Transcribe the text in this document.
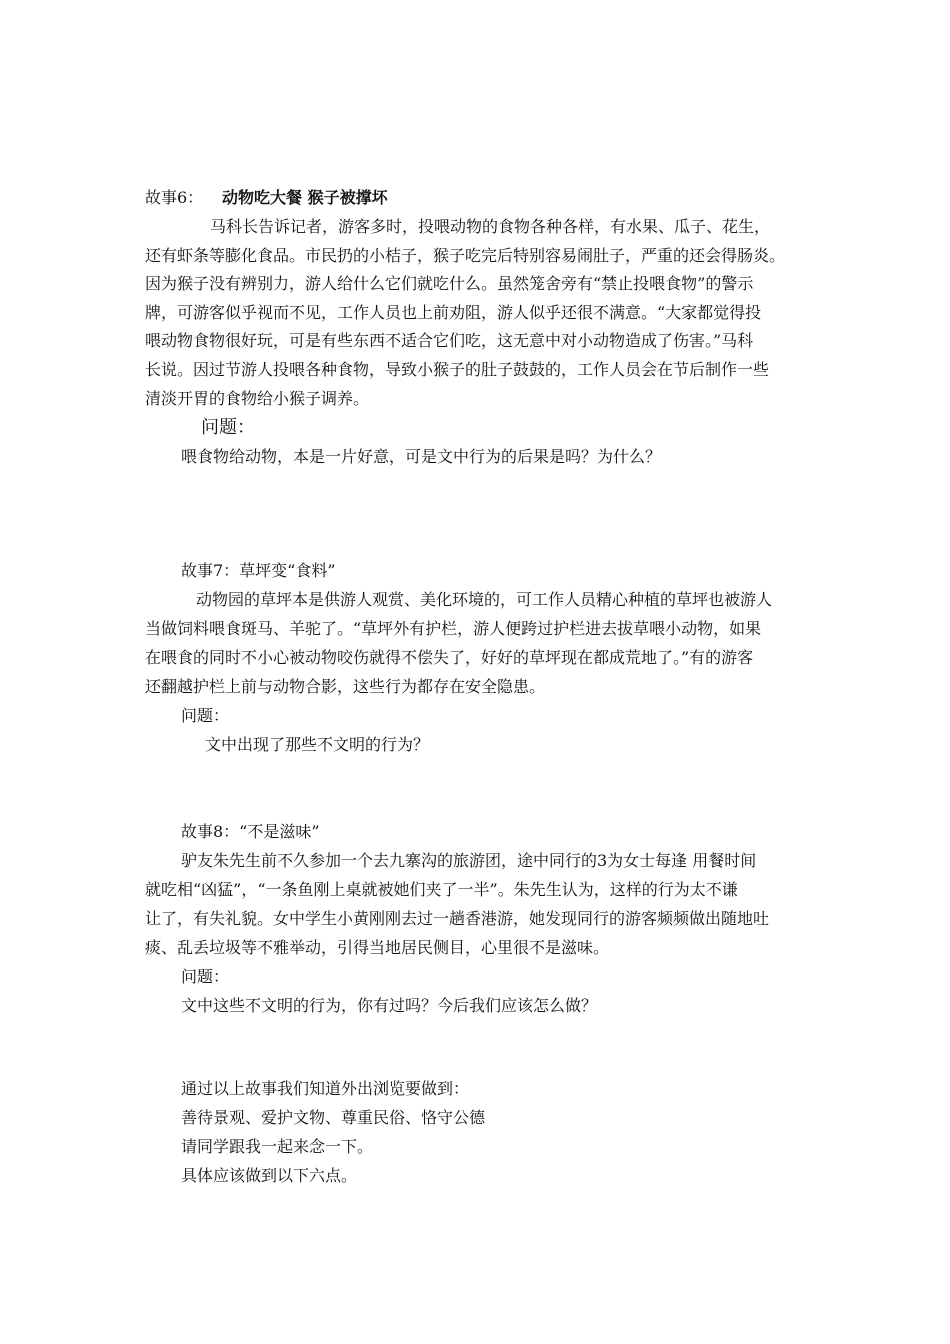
故事6： 动物吃大餐 猴子被撑坏
马科长告诉记者，游客多时，投喂动物的食物各种各样，有水果、瓜子、花生，
还有虾条等膨化食品。市民扔的小桔子，猴子吃完后特别容易闹肚子，严重的还会得肠炎。
因为猴子没有辨别力，游人给什么它们就吃什么。虽然笼舍旁有“禁止投喂食物”的警示
牌，可游客似乎视而不见，工作人员也上前劝阻，游人似乎还很不满意。“大家都觉得投
喂动物食物很好玩，可是有些东西不适合它们吃，这无意中对小动物造成了伤害。”马科
长说。因过节游人投喂各种食物，导致小猴子的肚子鼓鼓的，工作人员会在节后制作一些
清淡开胃的食物给小猴子调养。
问题：
喂食物给动物，本是一片好意，可是文中行为的后果是吗？为什么？
故事7：草坪变“食料”
动物园的草坪本是供游人观赏、美化环境的，可工作人员精心种植的草坪也被游人
当做饲料喂食斑马、羊驼了。“草坪外有护栏，游人便跨过护栏进去拔草喂小动物，如果
在喂食的同时不小心被动物咬伤就得不偿失了，好好的草坪现在都成荒地了。”有的游客
还翻越护栏上前与动物合影，这些行为都存在安全隐患。
问题：
文中出现了那些不文明的行为？
故事8：“不是滋味”
驴友朱先生前不久参加一个去九寨沟的旅游团，途中同行的3为女士每逢 用餐时间
就吃相“凶猛”，“一条鱼刚上桌就被她们夹了一半”。朱先生认为，这样的行为太不谦
让了，有失礼貌。女中学生小黄刚刚去过一趟香港游，她发现同行的游客频频做出随地吐
痰、乱丢垃圾等不雅举动，引得当地居民侧目，心里很不是滋味。
问题：
文中这些不文明的行为，你有过吗？今后我们应该怎么做？
通过以上故事我们知道外出浏览要做到：
善待景观、爱护文物、尊重民俗、恪守公德
请同学跟我一起来念一下。
具体应该做到以下六点。
